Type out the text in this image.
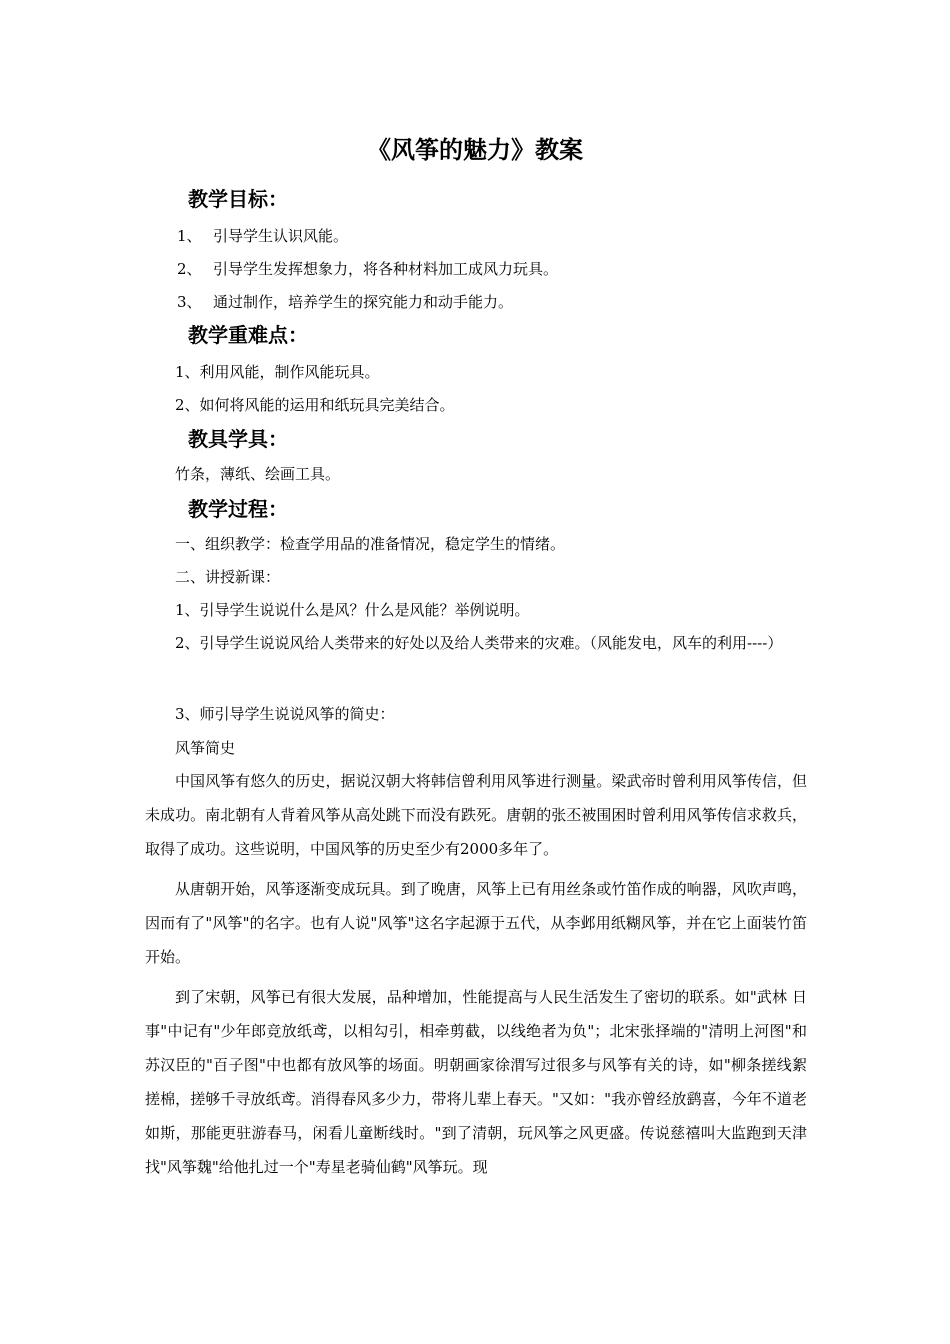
《风筝的魅力》教案
教学目标：

1、 引导学生认识风能。

2、 引导学生发挥想象力，将各种材料加工成风力玩具。

3、 通过制作，培养学生的探究能力和动手能力。

教学重难点：

1、利用风能，制作风能玩具。

2、如何将风能的运用和纸玩具完美结合。

教具学具：

竹条，薄纸、绘画工具。

教学过程：

一、组织教学：检查学用品的准备情况，稳定学生的情绪。

二、讲授新课：

1、引导学生说说什么是风？什么是风能？举例说明。

2、引导学生说说风给人类带来的好处以及给人类带来的灾难。（风能发电，风车的利用----）

3、师引导学生说说风筝的简史：

风筝简史

中国风筝有悠久的历史，据说汉朝大将韩信曾利用风筝进行测量。梁武帝时曾利用风筝传信，但未成功。南北朝有人背着风筝从高处跳下而没有跌死。唐朝的张丕被围困时曾利用风筝传信求救兵，取得了成功。这些说明，中国风筝的历史至少有2000多年了。

从唐朝开始，风筝逐渐变成玩具。到了晚唐，风筝上已有用丝条或竹笛作成的响器，风吹声鸣，因而有了"风筝"的名字。也有人说"风筝"这名字起源于五代，从李邺用纸糊风筝，并在它上面装竹笛开始。

到了宋朝，风筝已有很大发展，品种增加，性能提高与人民生活发生了密切的联系。如"武林 日事"中记有"少年郎竞放纸鸢，以相勾引，相牵剪截，以线绝者为负"；北宋张择端的"清明上河图"和苏汉臣的"百子图"中也都有放风筝的场面。明朝画家徐渭写过很多与风筝有关的诗，如"柳条搓线絮搓棉，搓够千寻放纸鸢。消得春风多少力，带将儿辈上春天。"又如："我亦曾经放鹞喜，今年不道老如斯，那能更驻游春马，闲看儿童断线时。"到了清朝，玩风筝之风更盛。传说慈禧叫大监跑到天津找"风筝魏"给他扎过一个"寿星老骑仙鹤"风筝玩。现
